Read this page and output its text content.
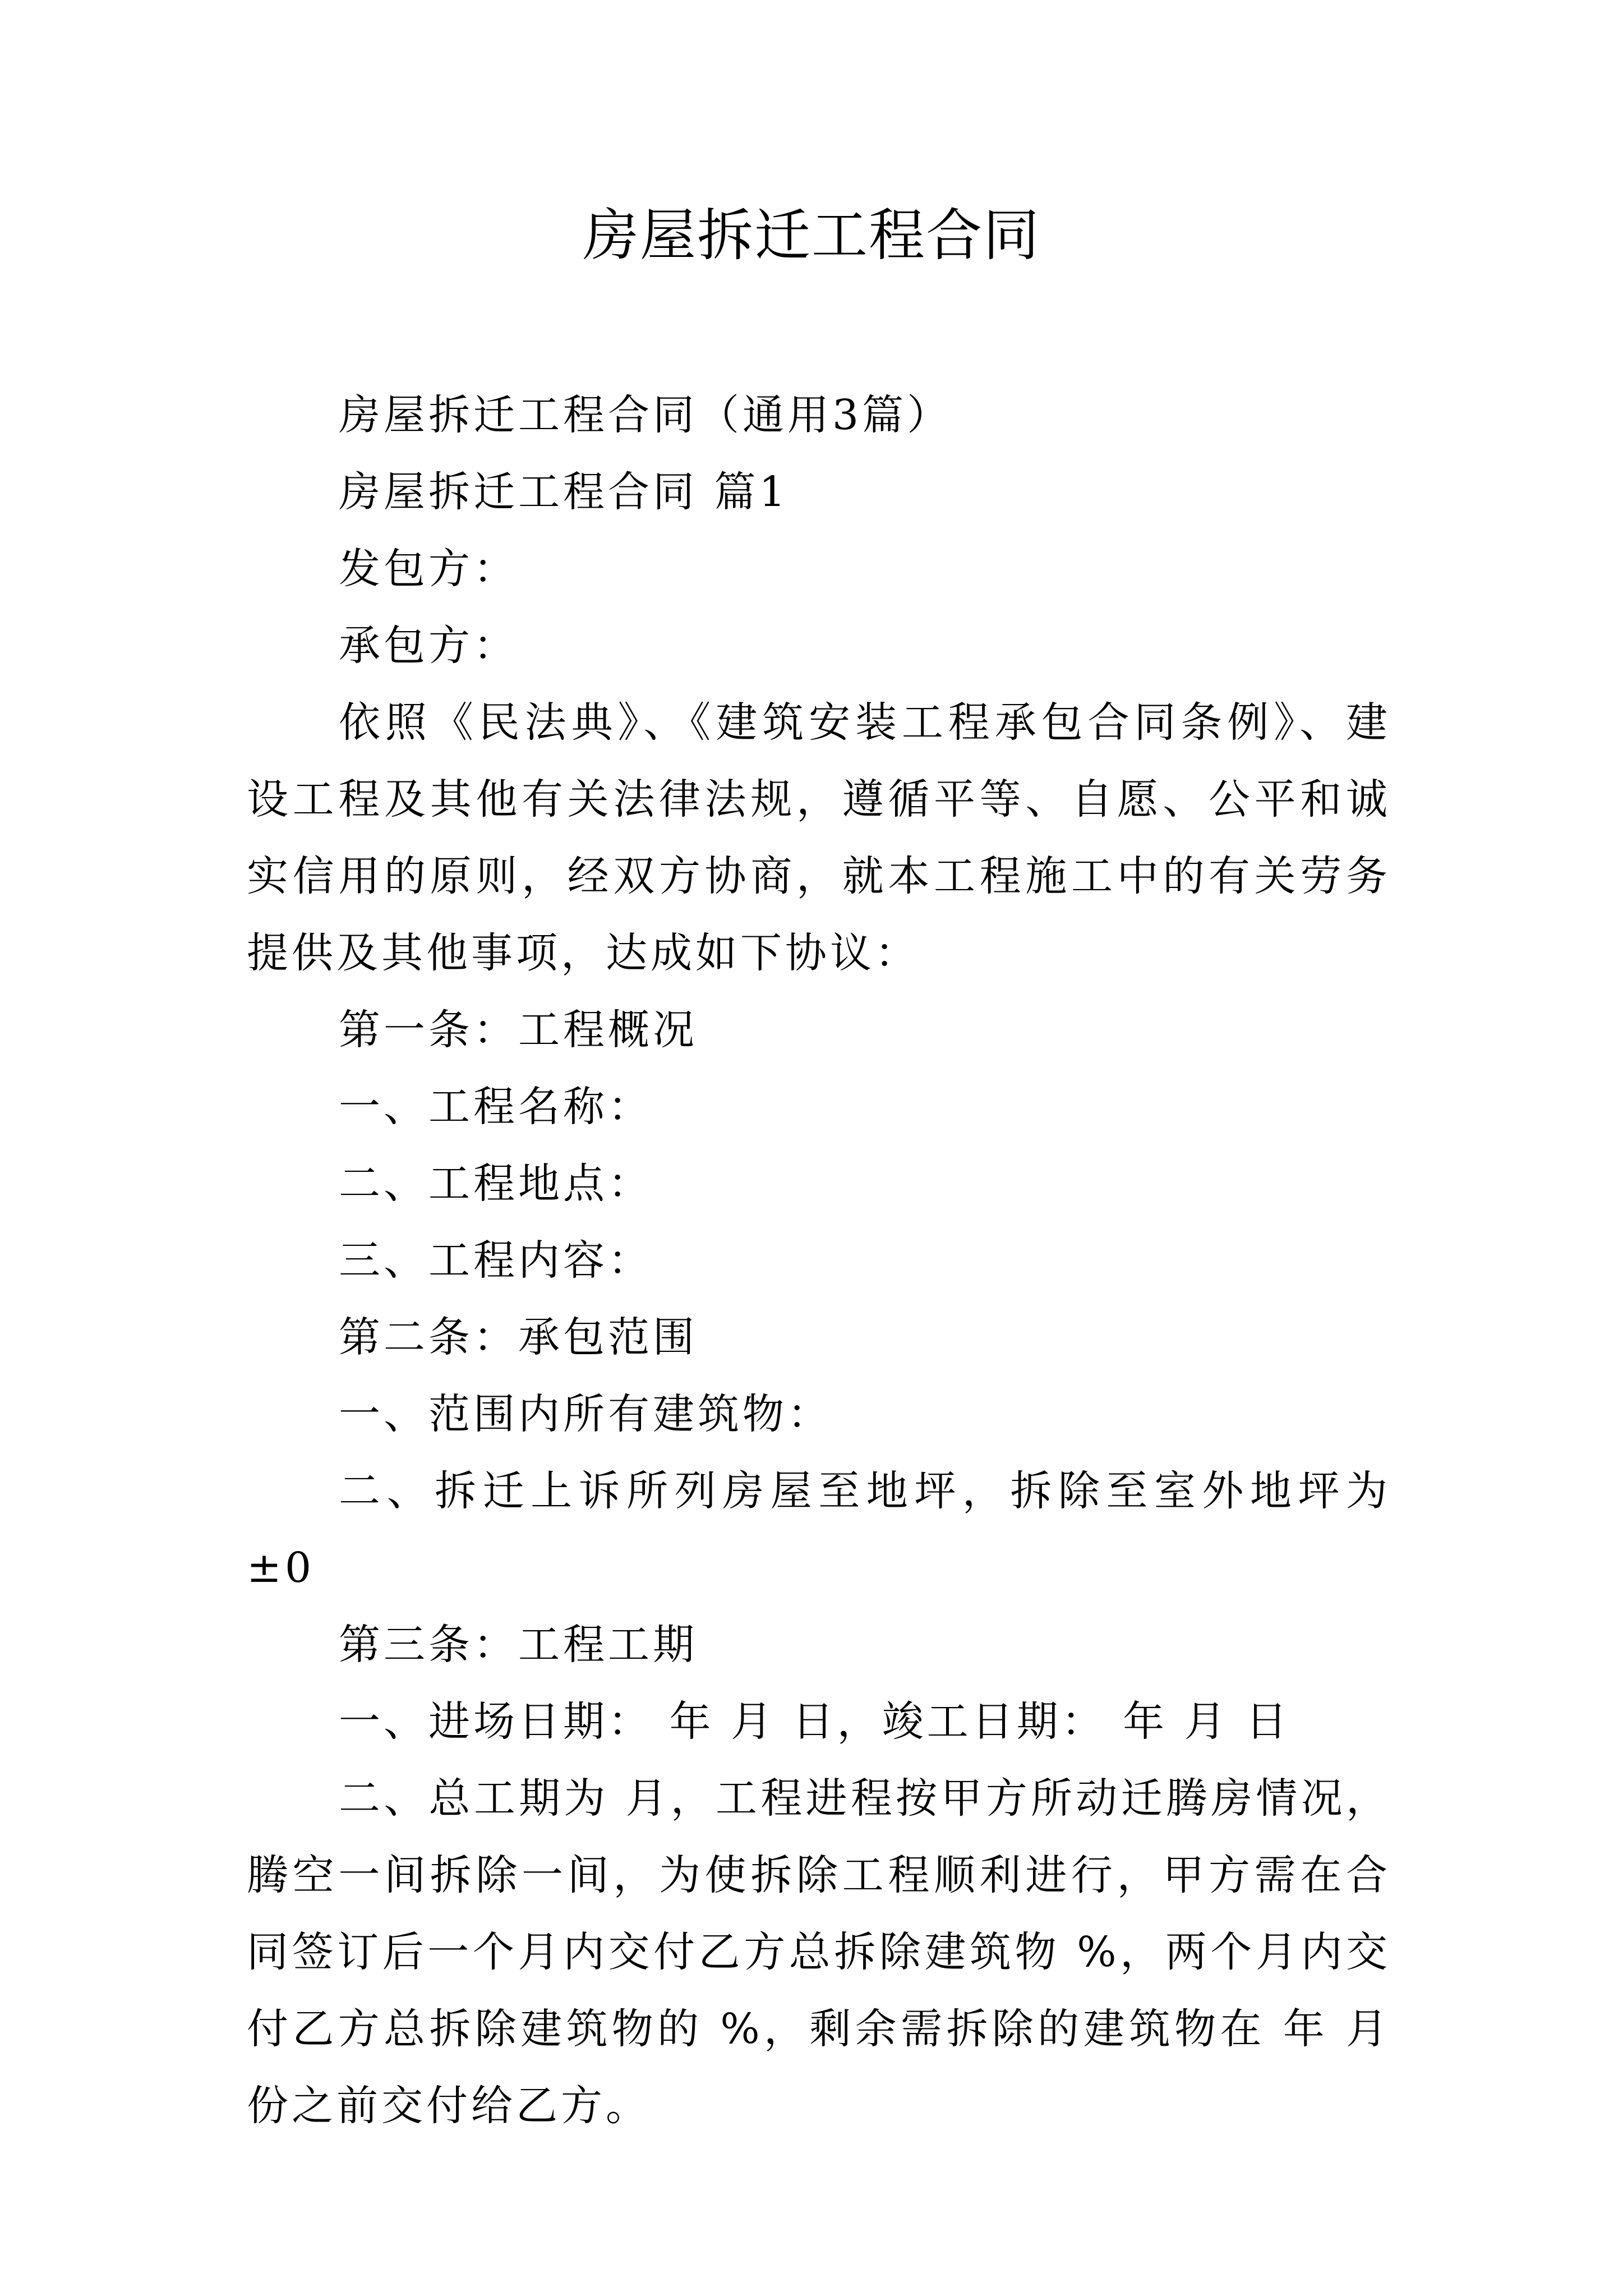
房屋拆迁工程合同

房屋拆迁工程合同（通用3篇）

房屋拆迁工程合同 篇1

发包方：

承包方：

依照《民法典》、《建筑安装工程承包合同条例》、建设工程及其他有关法律法规，遵循平等、自愿、公平和诚实信用的原则，经双方协商，就本工程施工中的有关劳务提供及其他事项，达成如下协议：

第一条：工程概况

一、工程名称：

二、工程地点：

三、工程内容：

第二条：承包范围

一、范围内所有建筑物：

二、拆迁上诉所列房屋至地坪，拆除至室外地坪为±0

第三条：工程工期

一、进场日期： 年 月 日，竣工日期： 年 月 日

二、总工期为 月，工程进程按甲方所动迁腾房情况，腾空一间拆除一间，为使拆除工程顺利进行，甲方需在合同签订后一个月内交付乙方总拆除建筑物 %，两个月内交付乙方总拆除建筑物的 %，剩余需拆除的建筑物在 年 月份之前交付给乙方。
